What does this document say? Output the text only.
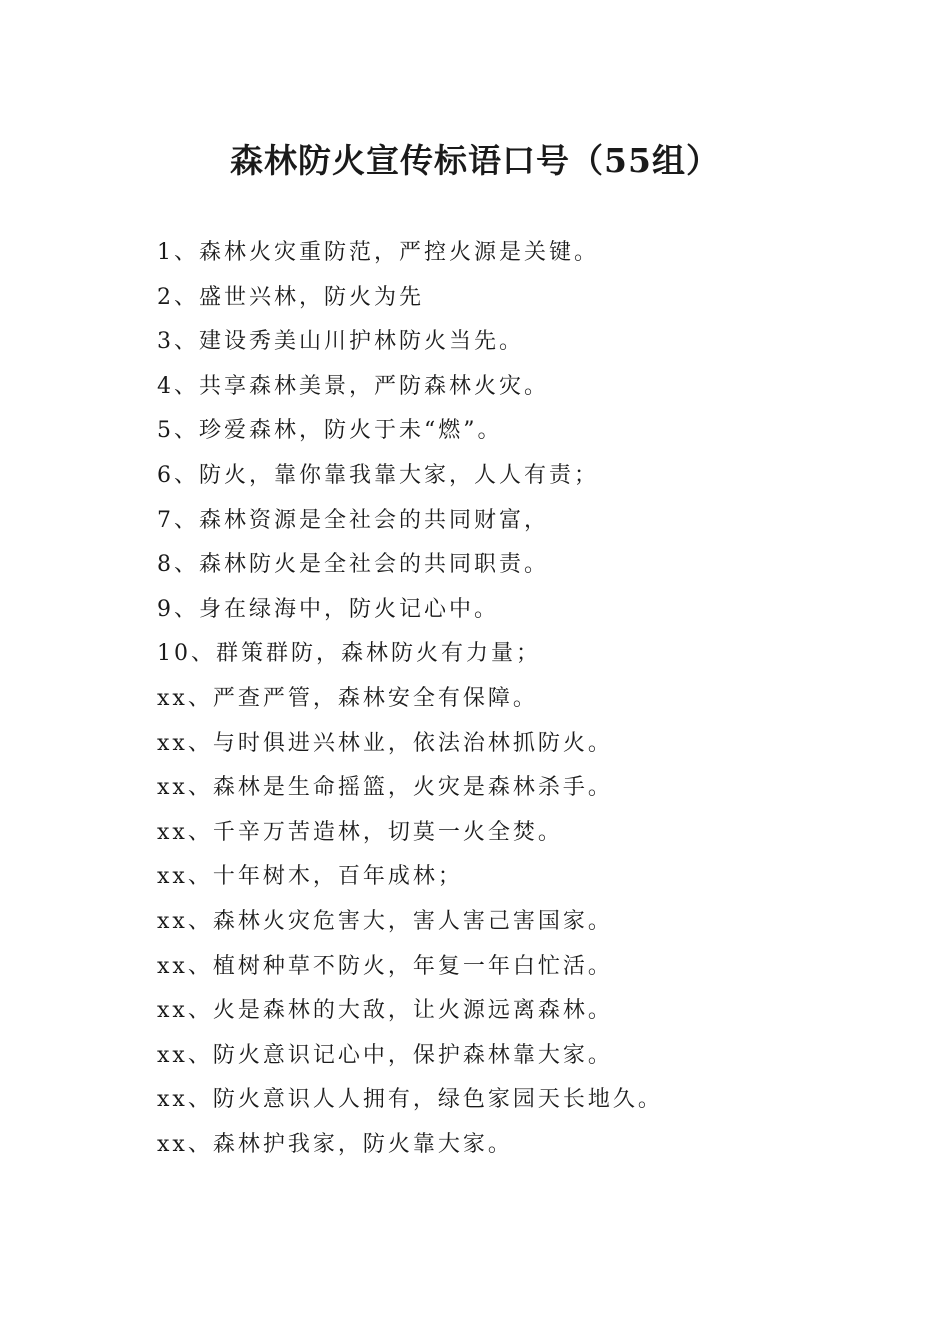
森林防火宣传标语口号（55组）
1、森林火灾重防范，严控火源是关键。
2、盛世兴林，防火为先
3、建设秀美山川护林防火当先。
4、共享森林美景，严防森林火灾。
5、珍爱森林，防火于未“燃”。
6、防火，靠你靠我靠大家，人人有责；
7、森林资源是全社会的共同财富，
8、森林防火是全社会的共同职责。
9、身在绿海中，防火记心中。
10、群策群防，森林防火有力量；
xx、严查严管，森林安全有保障。
xx、与时俱进兴林业，依法治林抓防火。
xx、森林是生命摇篮，火灾是森林杀手。
xx、千辛万苦造林，切莫一火全焚。
xx、十年树木，百年成林；
xx、森林火灾危害大，害人害己害国家。
xx、植树种草不防火，年复一年白忙活。
xx、火是森林的大敌，让火源远离森林。
xx、防火意识记心中，保护森林靠大家。
xx、防火意识人人拥有，绿色家园天长地久。
xx、森林护我家，防火靠大家。
